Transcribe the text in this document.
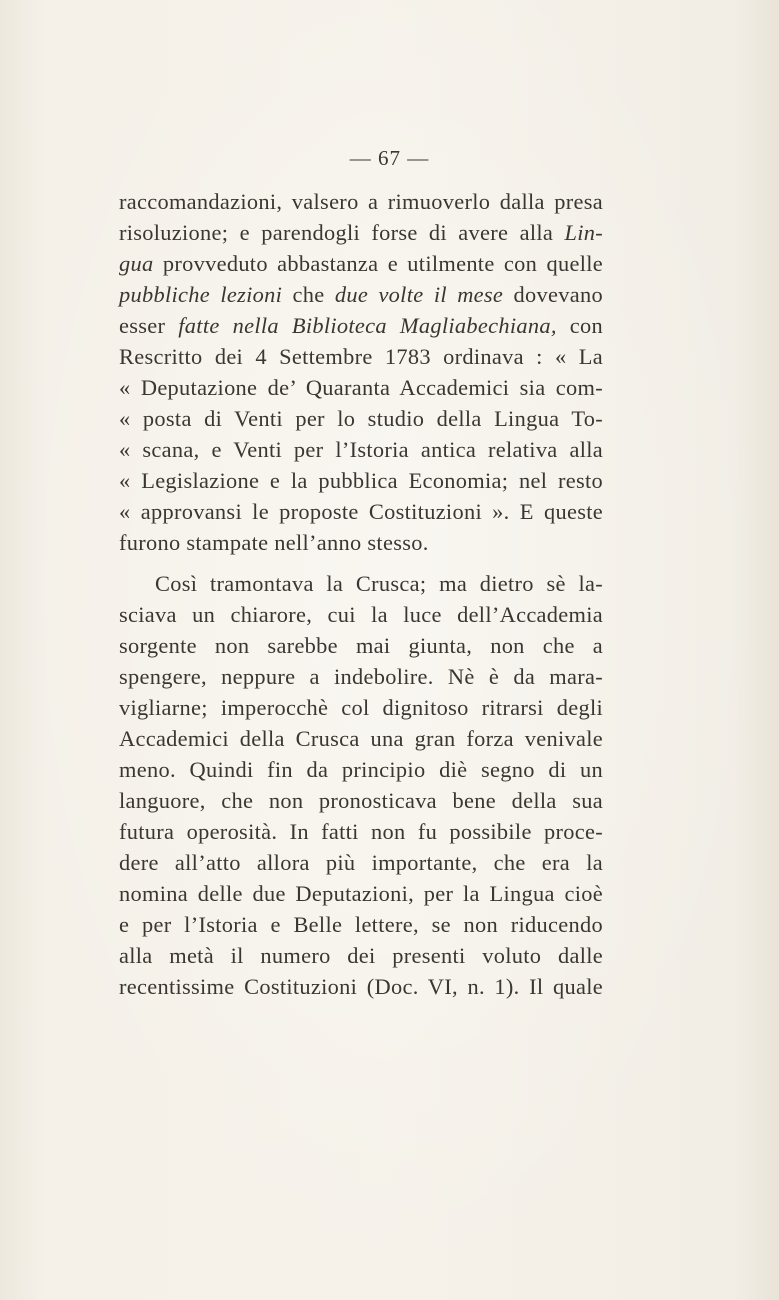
— 67 —
raccomandazioni, valsero a rimuoverlo dalla presa
risoluzione; e parendogli forse di avere alla Lin-
gua provveduto abbastanza e utilmente con quelle
pubbliche lezioni che due volte il mese dovevano
esser fatte nella Biblioteca Magliabechiana, con
Rescritto dei 4 Settembre 1783 ordinava : « La
« Deputazione de’ Quaranta Accademici sia com-
« posta di Venti per lo studio della Lingua To-
« scana, e Venti per l’Istoria antica relativa alla
« Legislazione e la pubblica Economia; nel resto
« approvansi le proposte Costituzioni ». E queste
furono stampate nell’anno stesso.
Così tramontava la Crusca; ma dietro sè la-
sciava un chiarore, cui la luce dell’Accademia
sorgente non sarebbe mai giunta, non che a
spengere, neppure a indebolire. Nè è da mara-
vigliarne; imperocchè col dignitoso ritrarsi degli
Accademici della Crusca una gran forza venivale
meno. Quindi fin da principio diè segno di un
languore, che non pronosticava bene della sua
futura operosità. In fatti non fu possibile proce-
dere all’atto allora più importante, che era la
nomina delle due Deputazioni, per la Lingua cioè
e per l’Istoria e Belle lettere, se non riducendo
alla metà il numero dei presenti voluto dalle
recentissime Costituzioni (Doc. VI, n. 1). Il quale
